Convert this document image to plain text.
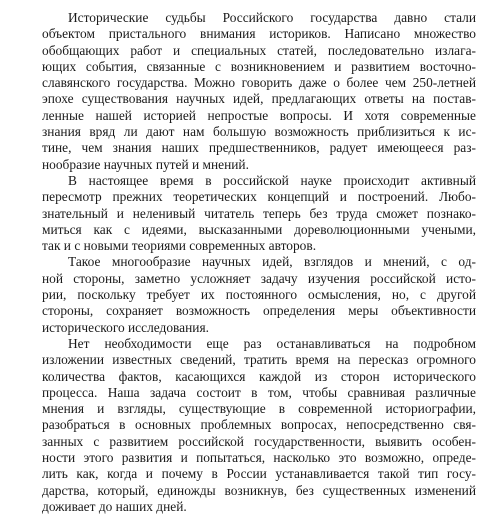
Исторические судьбы Российского государства давно стали
объектом пристального внимания историков. Написано множество
обобщающих работ и специальных статей, последовательно излага-
ющих события, связанные с возникновением и развитием восточно-
славянского государства. Можно говорить даже о более чем 250-летней
эпохе существования научных идей, предлагающих ответы на постав-
ленные нашей историей непростые вопросы. И хотя современные
знания вряд ли дают нам большую возможность приблизиться к ис-
тине, чем знания наших предшественников, радует имеющееся раз-
нообразие научных путей и мнений.
В настоящее время в российской науке происходит активный
пересмотр прежних теоретических концепций и построений. Любо-
знательный и неленивый читатель теперь без труда сможет познако-
миться как с идеями, высказанными дореволюционными учеными,
так и с новыми теориями современных авторов.
Такое многообразие научных идей, взглядов и мнений, с од-
ной стороны, заметно усложняет задачу изучения российской исто-
рии, поскольку требует их постоянного осмысления, но, с другой
стороны, сохраняет возможность определения меры объективности
исторического исследования.
Нет необходимости еще раз останавливаться на подробном
изложении известных сведений, тратить время на пересказ огромного
количества фактов, касающихся каждой из сторон исторического
процесса. Наша задача состоит в том, чтобы сравнивая различные
мнения и взгляды, существующие в современной историографии,
разобраться в основных проблемных вопросах, непосредственно свя-
занных с развитием российской государственности, выявить особен-
ности этого развития и попытаться, насколько это возможно, опреде-
лить как, когда и почему в России устанавливается такой тип госу-
дарства, который, единожды возникнув, без существенных изменений
доживает до наших дней.
